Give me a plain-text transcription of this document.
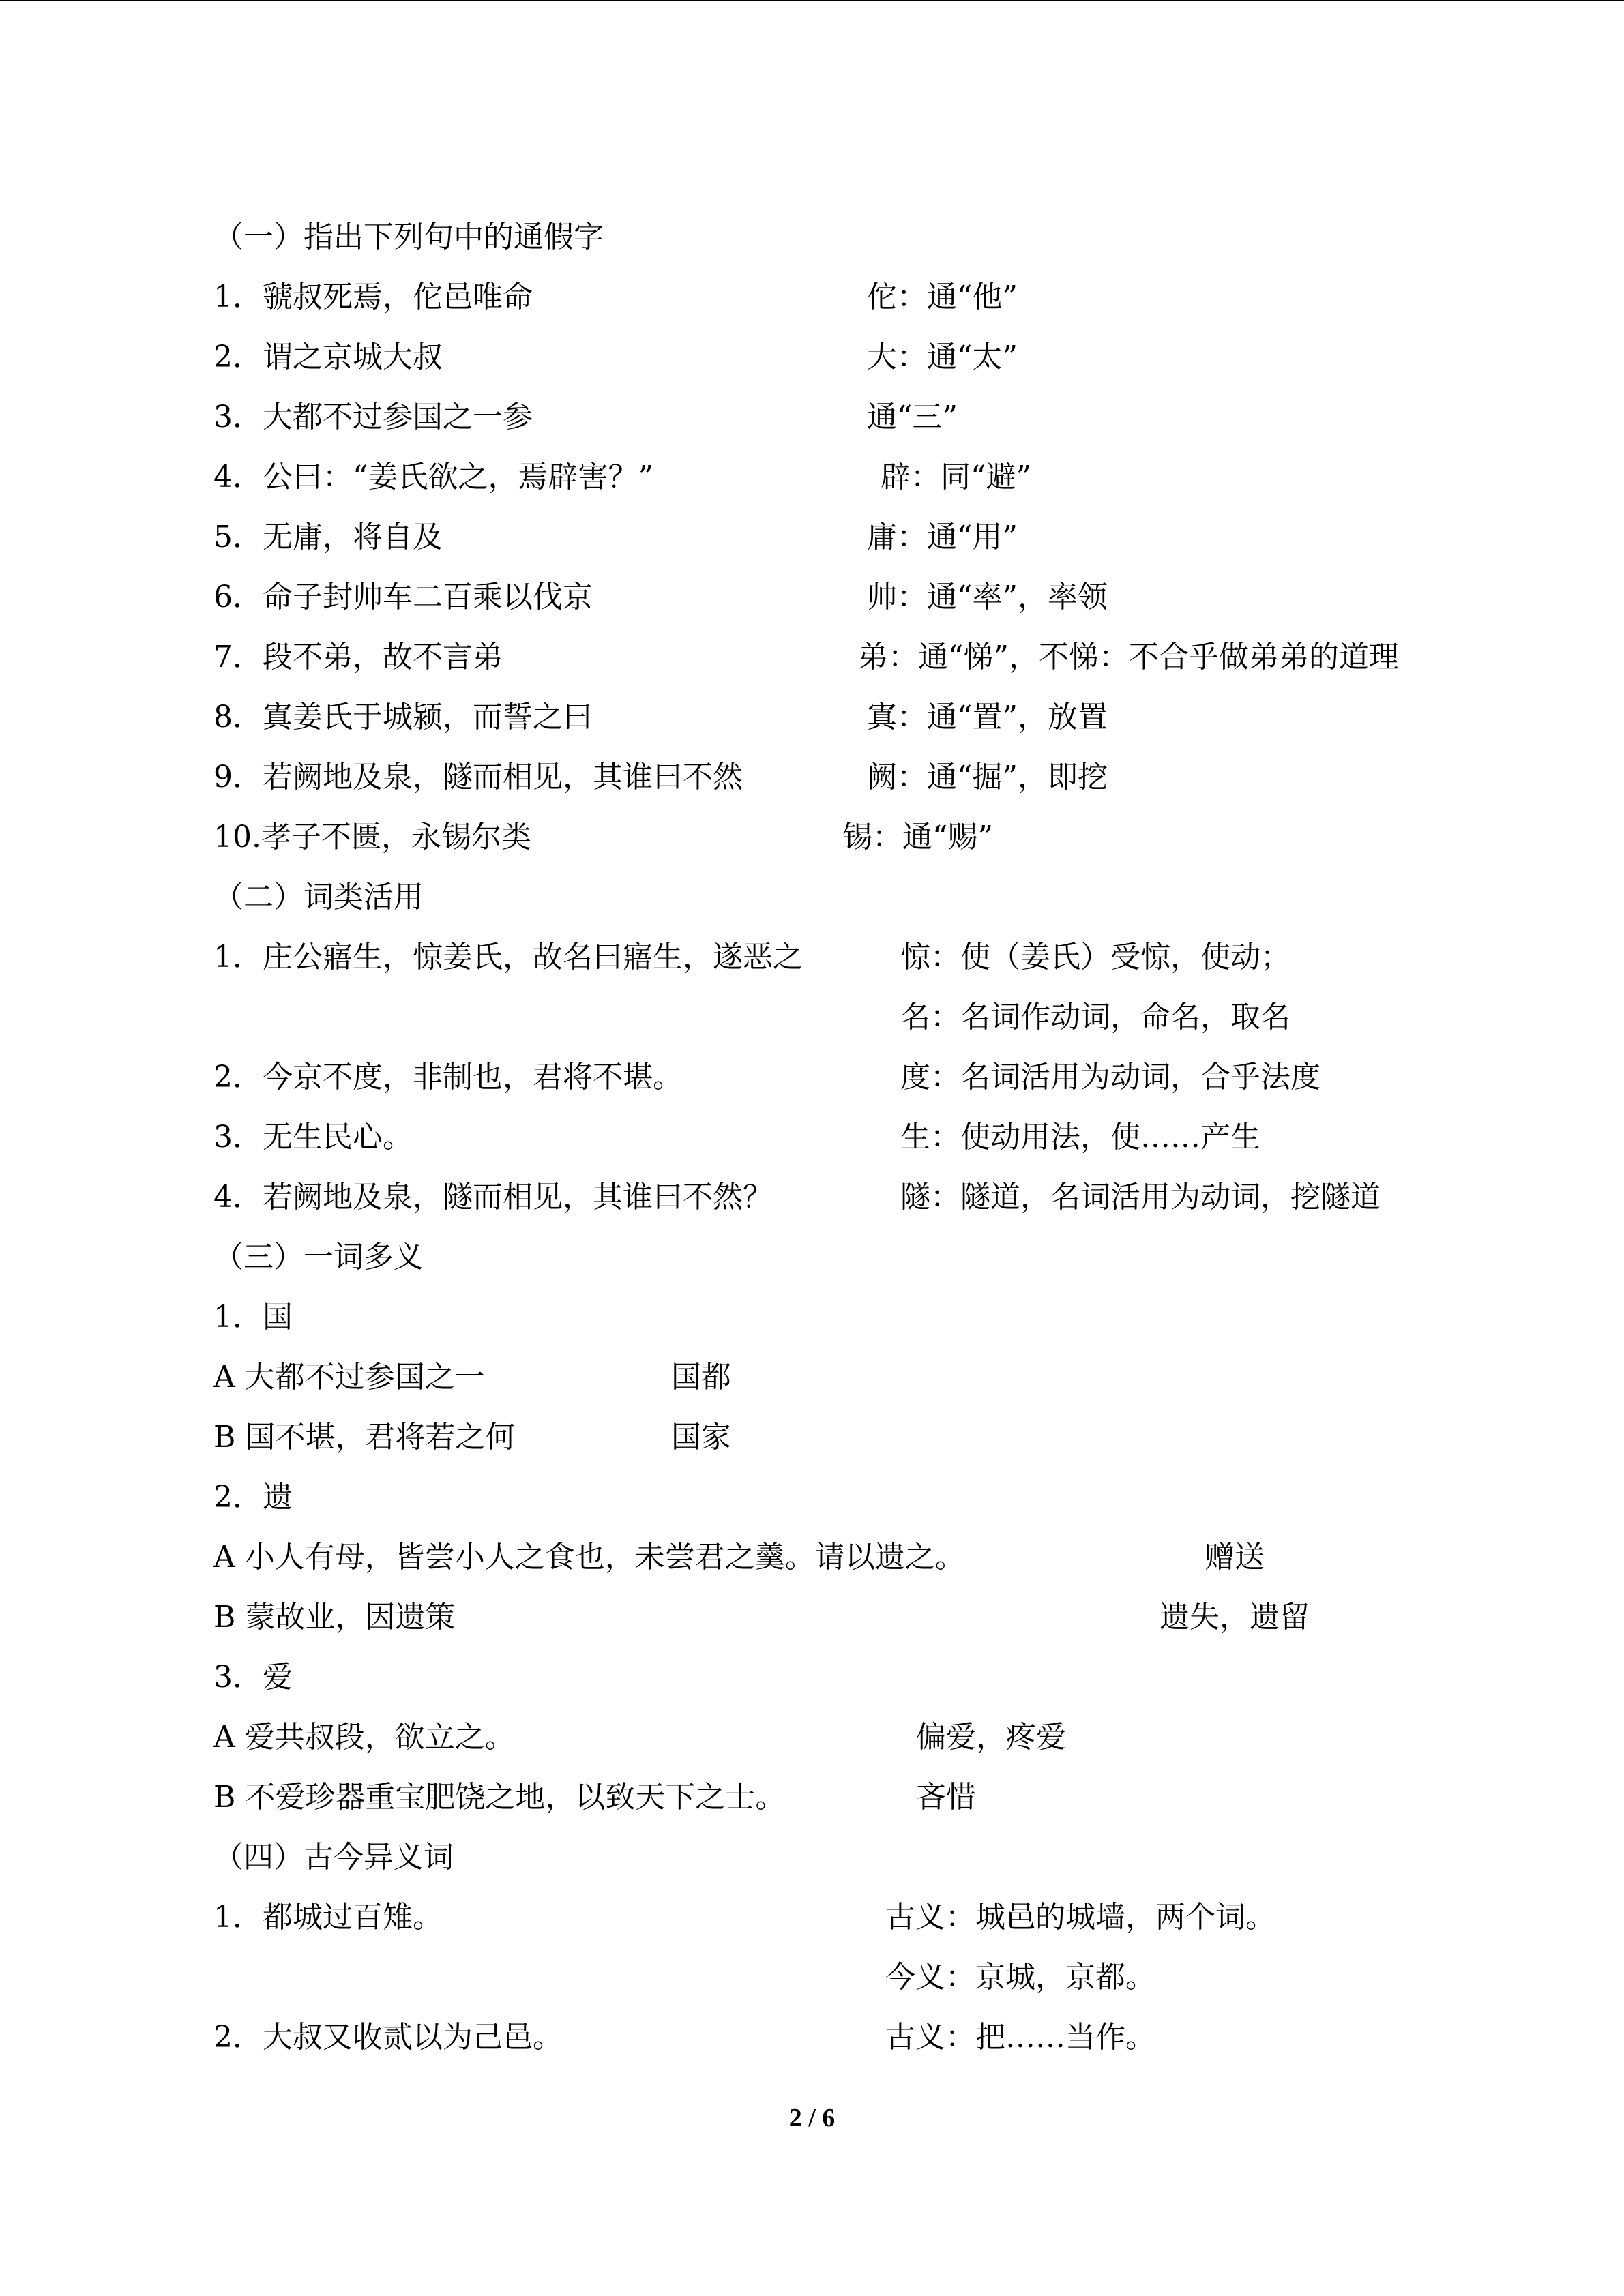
（一）指出下列句中的通假字
1．虢叔死焉，佗邑唯命	佗：通“他”
2．谓之京城大叔	大：通“太”
3．大都不过参国之一参	通“三”
4．公曰：“姜氏欲之，焉辟害？”	辟：同“避”
5．无庸，将自及	庸：通“用”
6．命子封帅车二百乘以伐京	帅：通“率”，率领
7．段不弟，故不言弟	弟：通“悌”，不悌：不合乎做弟弟的道理
8．寘姜氏于城颍，而誓之曰	寘：通“置”，放置
9．若阙地及泉，隧而相见，其谁曰不然	阙：通“掘”，即挖
10.孝子不匮，永锡尔类	锡：通“赐”
（二）词类活用
1．庄公寤生，惊姜氏，故名曰寤生，遂恶之	惊：使（姜氏）受惊，使动；
名：名词作动词，命名，取名
2．今京不度，非制也，君将不堪。	度：名词活用为动词，合乎法度
3．无生民心。	生：使动用法，使……产生
4．若阙地及泉，隧而相见，其谁曰不然？	隧：隧道，名词活用为动词，挖隧道
（三）一词多义
1．国
A 大都不过参国之一	国都
B 国不堪，君将若之何	国家
2．遗
A 小人有母，皆尝小人之食也，未尝君之羹。请以遗之。	赠送
B 蒙故业，因遗策	遗失，遗留
3．爱
A 爱共叔段，欲立之。	偏爱，疼爱
B 不爱珍器重宝肥饶之地，以致天下之士。	吝惜
（四）古今异义词
1．都城过百雉。	古义：城邑的城墙，两个词。
今义：京城，京都。
2．大叔又收贰以为己邑。	古义：把……当作。
2 / 6
